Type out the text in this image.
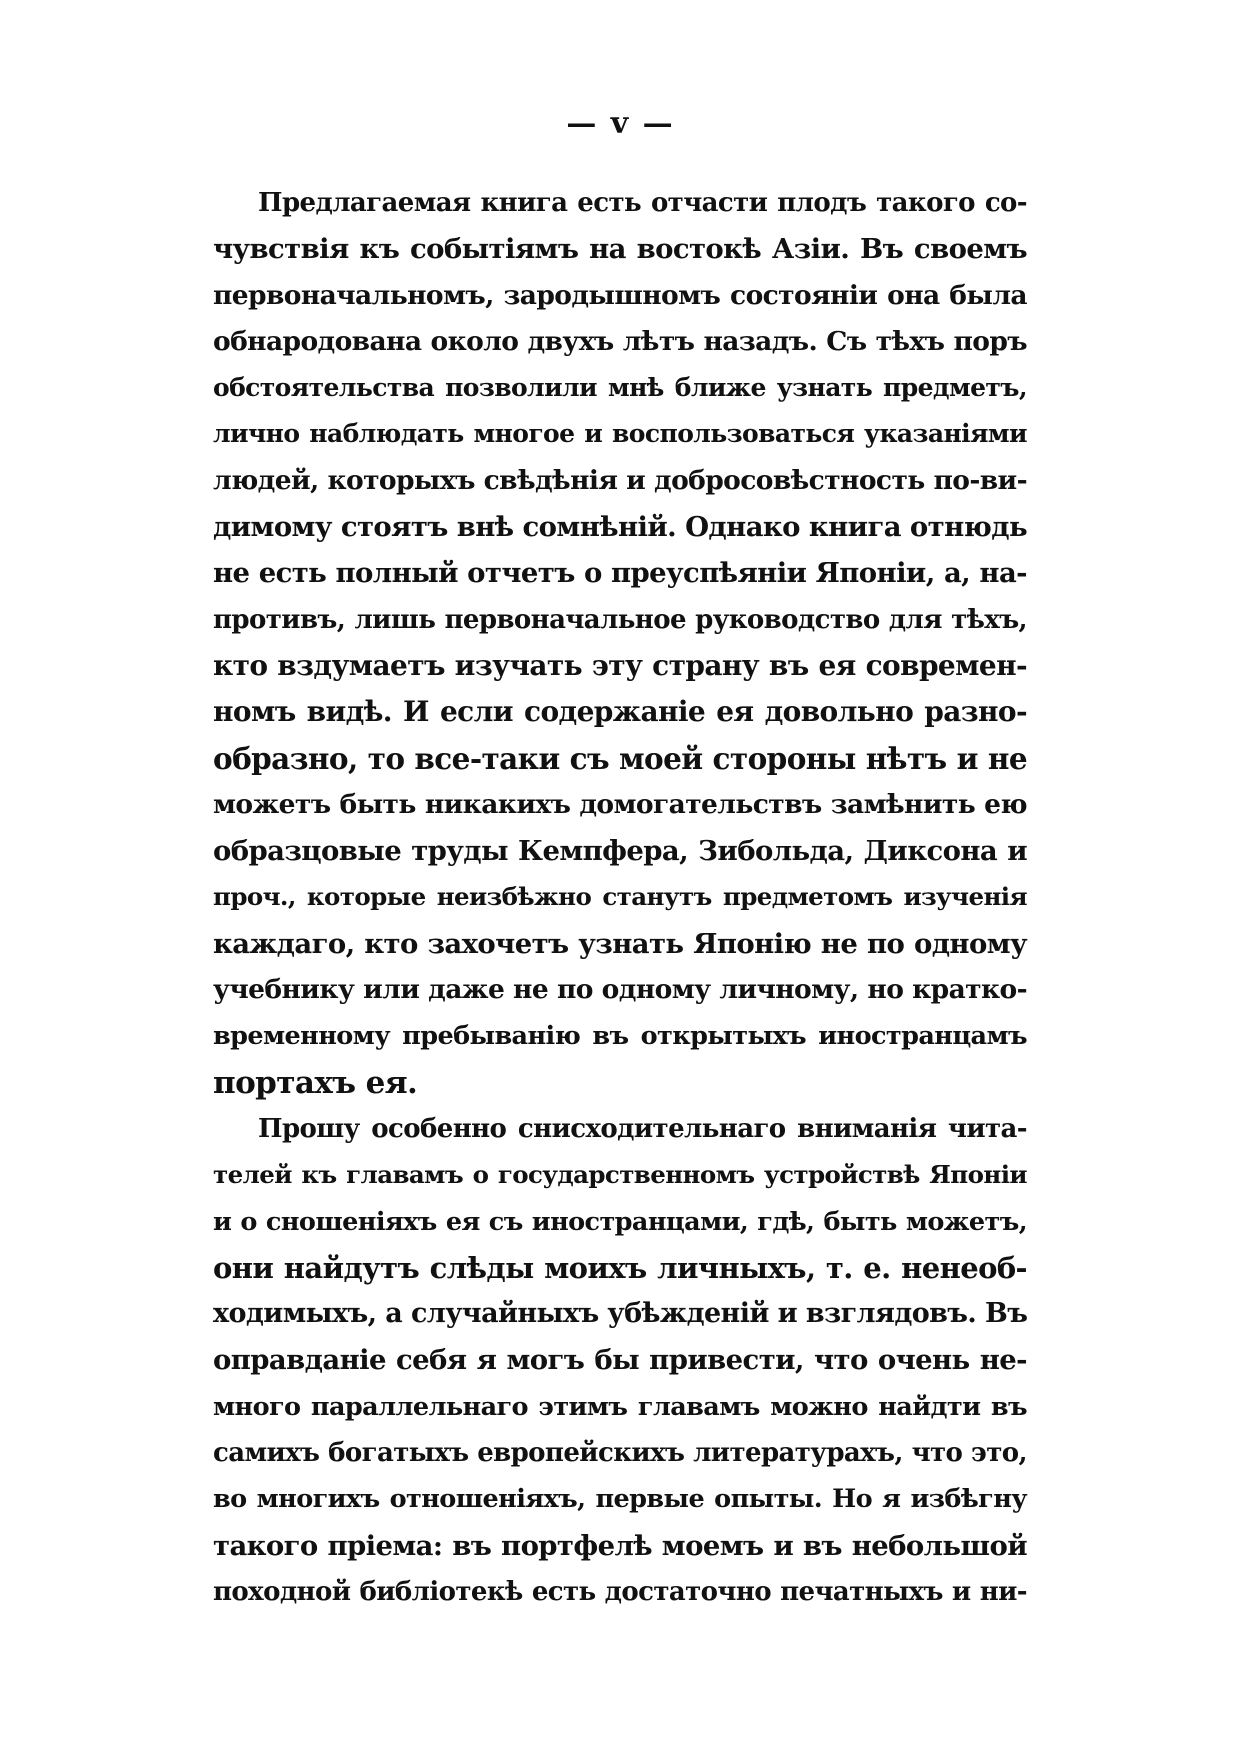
— v —
Предлагаемая книга есть отчасти плодъ такого со-
чувствія къ событіямъ на востокѣ Азіи. Въ своемъ
первоначальномъ, зародышномъ состояніи она была
обнародована около двухъ лѣтъ назадъ. Съ тѣхъ поръ
обстоятельства позволили мнѣ ближе узнать предметъ,
лично наблюдать многое и воспользоваться указаніями
людей, которыхъ свѣдѣнія и добросовѣстность по-ви-
димому стоятъ внѣ сомнѣній. Однако книга отнюдь
не есть полный отчетъ о преуспѣяніи Японіи, а, на-
противъ, лишь первоначальное руководство для тѣхъ,
кто вздумаетъ изучать эту страну въ ея современ-
номъ видѣ. И если содержаніе ея довольно разно-
образно, то все-таки съ моей стороны нѣтъ и не
можетъ быть никакихъ домогательствъ замѣнить ею
образцовые труды Кемпфера, Зибольда, Диксона и
проч., которые неизбѣжно станутъ предметомъ изученія
каждаго, кто захочетъ узнать Японію не по одному
учебнику или даже не по одному личному, но кратко-
временному пребыванію въ открытыхъ иностранцамъ
портахъ ея.
Прошу особенно снисходительнаго вниманія чита-
телей къ главамъ о государственномъ устройствѣ Японіи
и о сношеніяхъ ея съ иностранцами, гдѣ, быть можетъ,
они найдутъ слѣды моихъ личныхъ, т. е. ненеоб-
ходимыхъ, а случайныхъ убѣжденій и взглядовъ. Въ
оправданіе себя я могъ бы привести, что очень не-
много параллельнаго этимъ главамъ можно найдти въ
самихъ богатыхъ европейскихъ литературахъ, что это,
во многихъ отношеніяхъ, первые опыты. Но я избѣгну
такого пріема: въ портфелѣ моемъ и въ небольшой
походной библіотекѣ есть достаточно печатныхъ и ни-
